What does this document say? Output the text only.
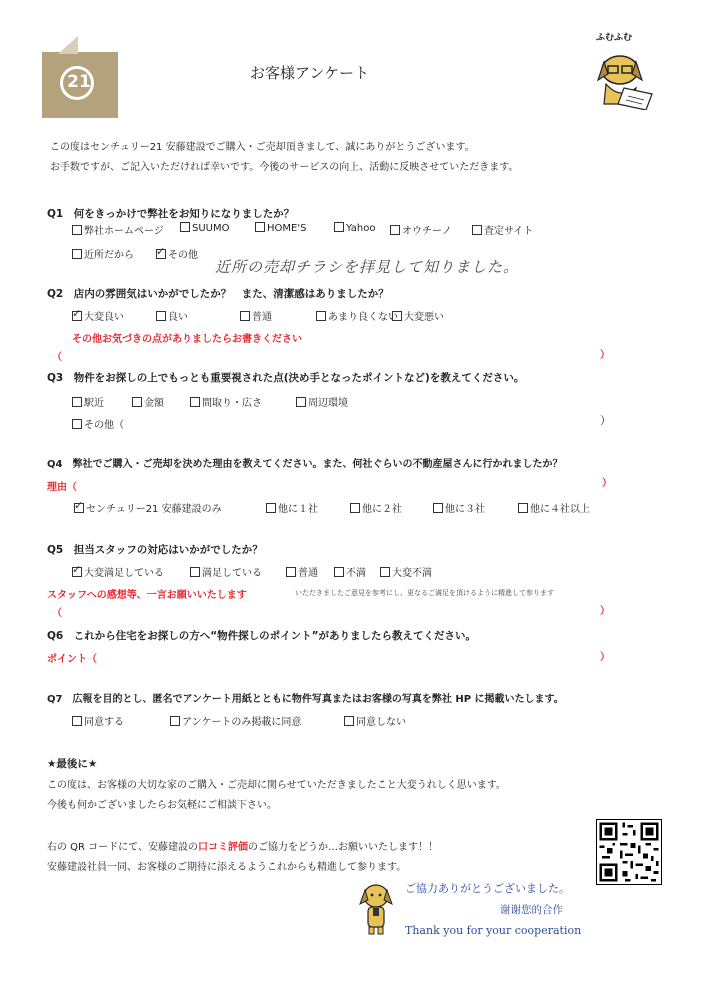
21	お客様アンケート
ふむふむ
この度はセンチュリー21 安藤建設でご購入・ご売却頂きまして、誠にありがとうございます。
お手数ですが、ご記入いただければ幸いです。今後のサービスの向上、活動に反映させていただきます。
Q1　何をきっかけで弊社をお知りになりましたか？
弊社ホームページ	SUUMO	HOME'S	Yahoo	オウチーノ	査定サイト
近所だから
✓	その他
近所の売却チラシを拝見して知りました。
Q2　店内の雰囲気はいかがでしたか？　また、清潔感はありましたか？
✓大変良い	良い	普通	あまり良くない 大変悪い
その他お気づきの点がありましたらお書きください
（	）
Q3　物件をお探しの上でもっとも重要視された点(決め手となったポイントなど)を教えてください。
駅近	金額	間取り・広さ	周辺環境
その他（	）
Q4　弊社でご購入・ご売却を決めた理由を教えてください。また、何社ぐらいの不動産屋さんに行かれましたか？
理由（	）
✓センチュリー21 安藤建設のみ	他に１社	他に２社	他に３社	他に４社以上
Q5　担当スタッフの対応はいかがでしたか？
✓大変満足している	満足している	普通	不満	大変不満
スタッフへの感想等、一言お願いいたします	いただきましたご意見を参考にし、更なるご満足を頂けるように精進して参ります
（	）
Q6　これから住宅をお探しの方へ“物件探しのポイント”がありましたら教えてください。
ポイント（	）
Q7　広報を目的とし、匿名でアンケート用紙とともに物件写真またはお客様の写真を弊社 HP に掲載いたします。
同意する	アンケートのみ掲載に同意	同意しない
★最後に★
この度は、お客様の大切な家のご購入・ご売却に関らせていただきましたこと大変うれしく思います。
今後も何かございましたらお気軽にご相談下さい。
右の QR コードにて、安藤建設の口コミ評価のご協力をどうか…お願いいたします！！
安藤建設社員一同、お客様のご期待に添えるようこれからも精進して参ります。
ご協力ありがとうございました。
谢谢您的合作
Thank you for your cooperation
